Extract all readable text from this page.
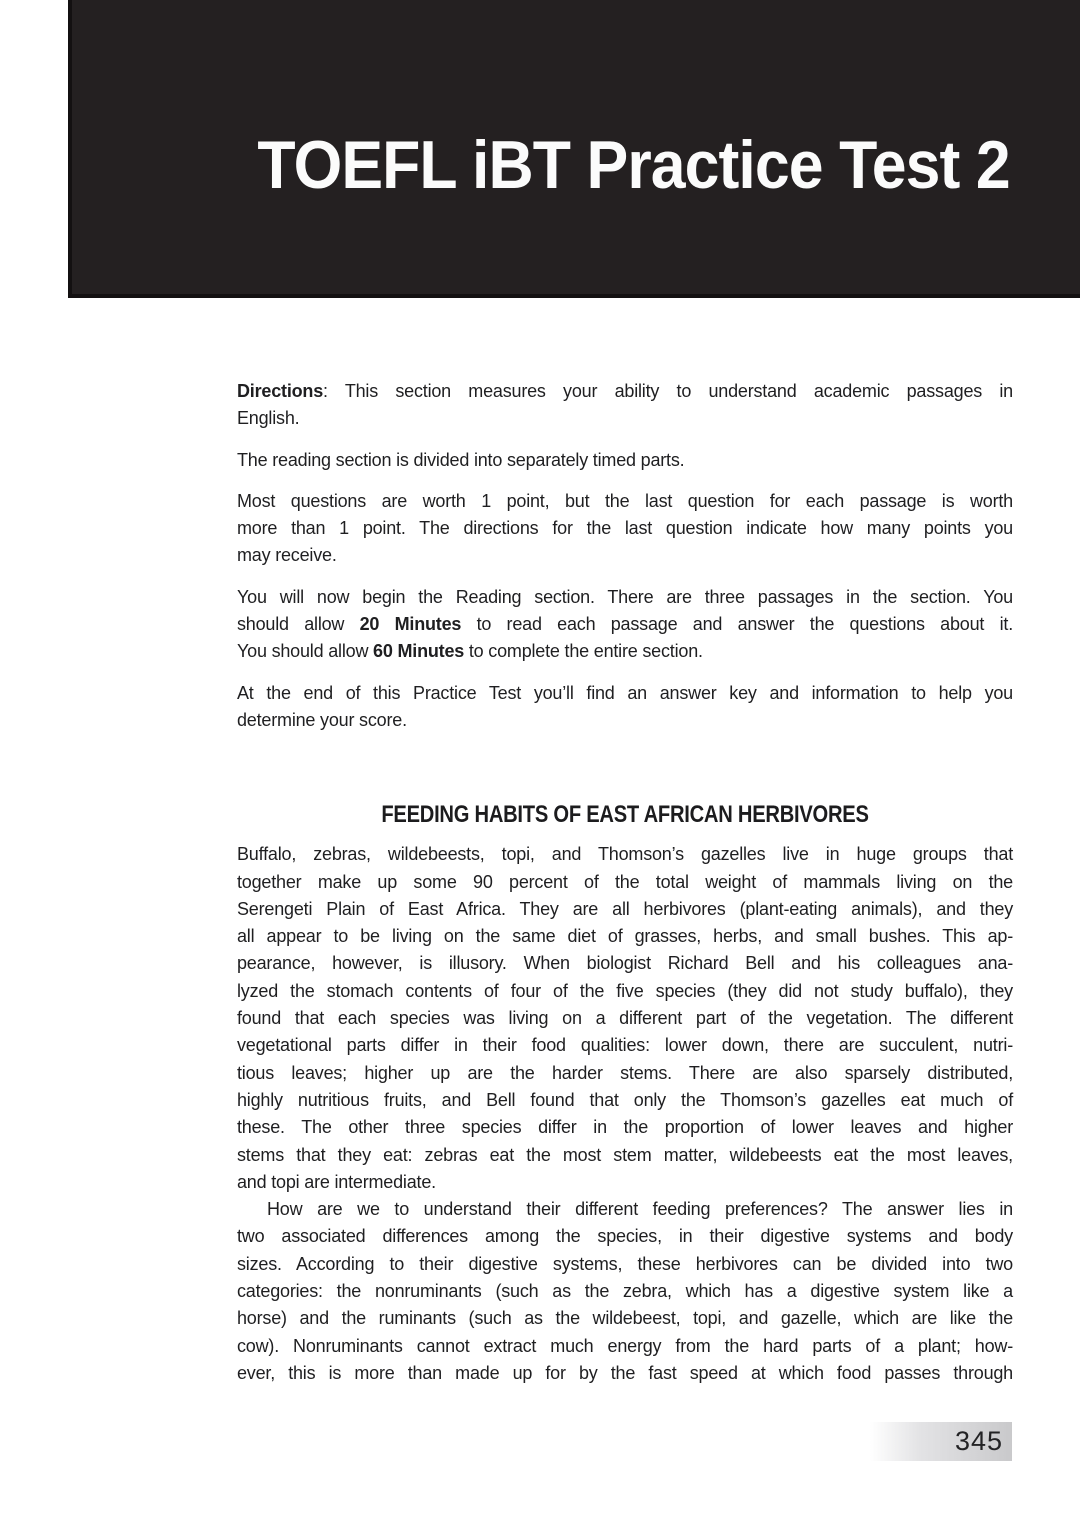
TOEFL iBT Practice Test 2
Directions: This section measures your ability to understand academic passages in
English.
The reading section is divided into separately timed parts.
Most questions are worth 1 point, but the last question for each passage is worth
more than 1 point. The directions for the last question indicate how many points you
may receive.
You will now begin the Reading section. There are three passages in the section. You
should allow 20 Minutes to read each passage and answer the questions about it.
You should allow 60 Minutes to complete the entire section.
At the end of this Practice Test you’ll find an answer key and information to help you
determine your score.
FEEDING HABITS OF EAST AFRICAN HERBIVORES
Buffalo, zebras, wildebeests, topi, and Thomson’s gazelles live in huge groups that
together make up some 90 percent of the total weight of mammals living on the
Serengeti Plain of East Africa. They are all herbivores (plant-eating animals), and they
all appear to be living on the same diet of grasses, herbs, and small bushes. This ap-
pearance, however, is illusory. When biologist Richard Bell and his colleagues ana-
lyzed the stomach contents of four of the five species (they did not study buffalo), they
found that each species was living on a different part of the vegetation. The different
vegetational parts differ in their food qualities: lower down, there are succulent, nutri-
tious leaves; higher up are the harder stems. There are also sparsely distributed,
highly nutritious fruits, and Bell found that only the Thomson’s gazelles eat much of
these. The other three species differ in the proportion of lower leaves and higher
stems that they eat: zebras eat the most stem matter, wildebeests eat the most leaves,
and topi are intermediate.
How are we to understand their different feeding preferences? The answer lies in
two associated differences among the species, in their digestive systems and body
sizes. According to their digestive systems, these herbivores can be divided into two
categories: the nonruminants (such as the zebra, which has a digestive system like a
horse) and the ruminants (such as the wildebeest, topi, and gazelle, which are like the
cow). Nonruminants cannot extract much energy from the hard parts of a plant; how-
ever, this is more than made up for by the fast speed at which food passes through
345
